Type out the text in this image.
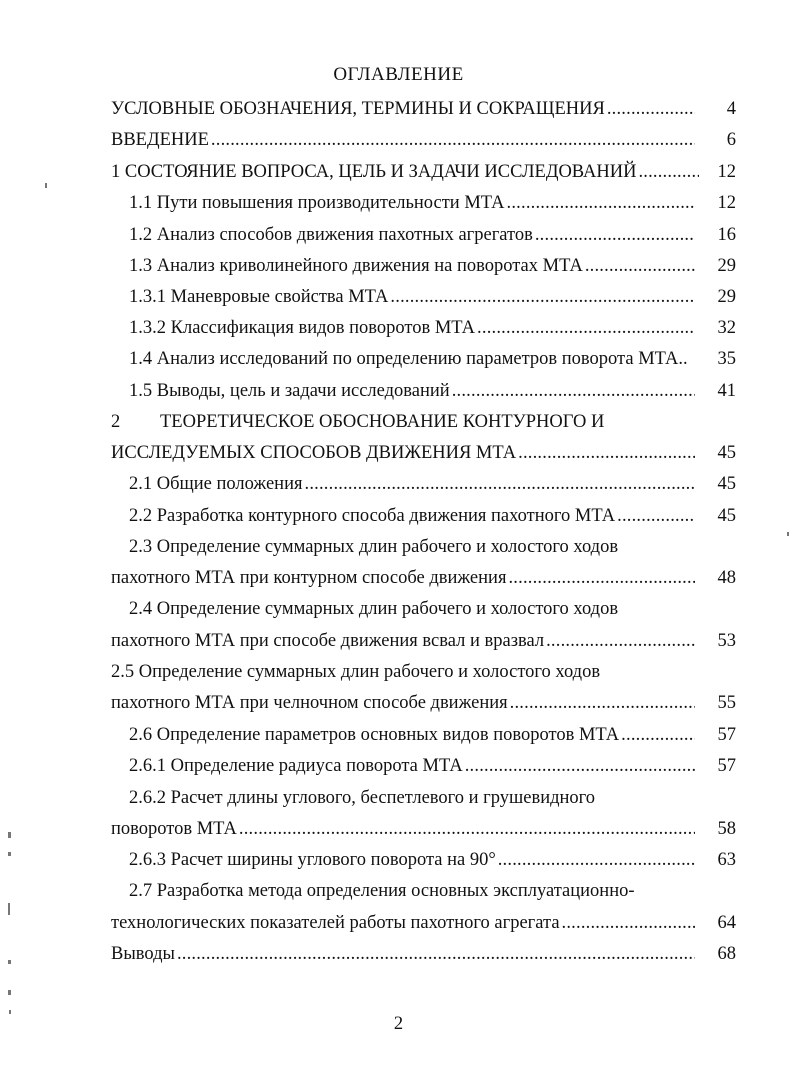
ОГЛАВЛЕНИЕ
УСЛОВНЫЕ ОБОЗНАЧЕНИЯ, ТЕРМИНЫ И СОКРАЩЕНИЯ .....	4
ВВЕДЕНИЕ .....	6
1 СОСТОЯНИЕ ВОПРОСА, ЦЕЛЬ И ЗАДАЧИ ИССЛЕДОВАНИЙ .....	12
1.1 Пути повышения производительности МТА .....	12
1.2 Анализ способов движения пахотных агрегатов .....	16
1.3 Анализ криволинейного движения на поворотах МТА .....	29
1.3.1 Маневровые свойства МТА .....	29
1.3.2 Классификация видов поворотов МТА .....	32
1.4 Анализ исследований по определению параметров поворота МТА..	35
1.5 Выводы, цель и задачи исследований .....	41
2	ТЕОРЕТИЧЕСКОЕ ОБОСНОВАНИЕ КОНТУРНОГО И
ИССЛЕДУЕМЫХ СПОСОБОВ ДВИЖЕНИЯ МТА .....	45
2.1 Общие положения .....	45
2.2 Разработка контурного способа движения пахотного МТА .....	45
2.3 Определение суммарных длин рабочего и холостого ходов
пахотного МТА при контурном способе движения .....	48
2.4 Определение суммарных длин рабочего и холостого ходов
пахотного МТА при способе движения всвал и вразвал .....	53
2.5 Определение суммарных длин рабочего и холостого ходов
пахотного МТА при челночном способе движения .....	55
2.6 Определение параметров основных видов поворотов МТА .....	57
2.6.1 Определение радиуса поворота МТА .....	57
2.6.2 Расчет длины углового, беспетлевого и грушевидного
поворотов МТА .....	58
2.6.3 Расчет ширины углового поворота на 90° .....	63
2.7 Разработка метода определения основных эксплуатационно-
технологических показателей работы пахотного агрегата .....	64
Выводы .....	68
2
